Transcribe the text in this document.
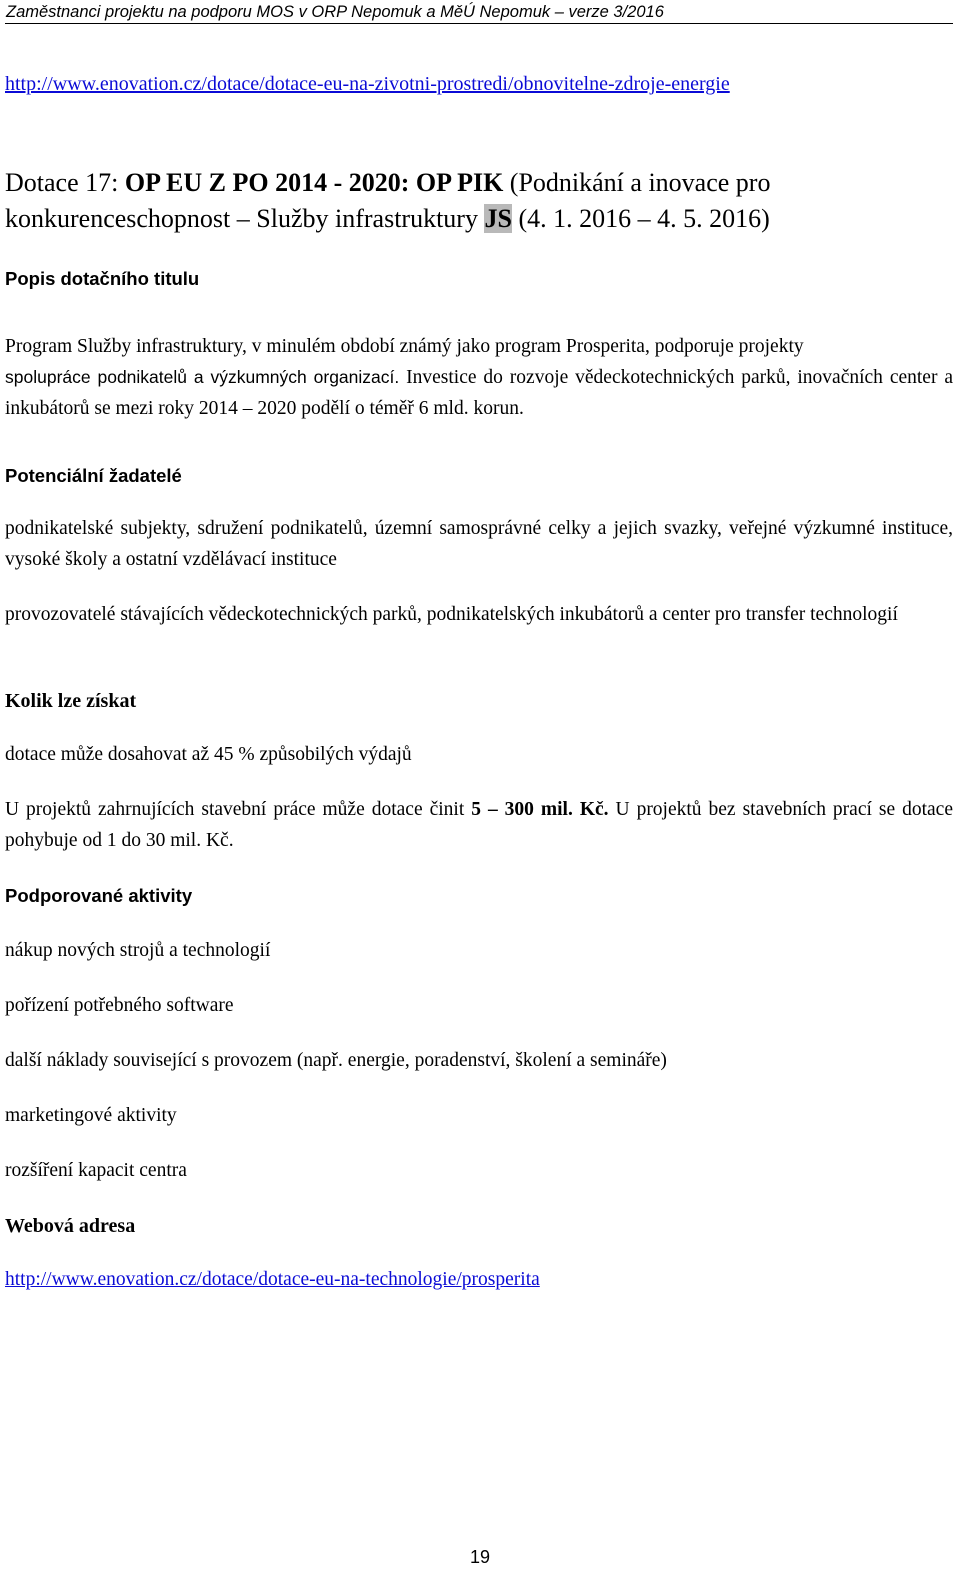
Zaměstnanci projektu na podporu MOS v ORP Nepomuk a MěÚ Nepomuk – verze 3/2016
http://www.enovation.cz/dotace/dotace-eu-na-zivotni-prostredi/obnovitelne-zdroje-energie
Dotace 17: OP EU Z PO 2014 - 2020: OP PIK (Podnikání a inovace pro konkurenceschopnost – Služby infrastruktury JS (4. 1. 2016 – 4. 5. 2016)
Popis dotačního titulu

Program Služby infrastruktury, v minulém období známý jako program Prosperita, podporuje projekty

spolupráce podnikatelů a výzkumných organizací. Investice do rozvoje vědeckotechnických parků, inovačních center a inkubátorů se mezi roky 2014 – 2020 podělí o téměř 6 mld. korun.

Potenciální žadatelé

podnikatelské subjekty, sdružení podnikatelů, územní samosprávné celky a jejich svazky, veřejné výzkumné instituce, vysoké školy a ostatní vzdělávací instituce

provozovatelé stávajících vědeckotechnických parků, podnikatelských inkubátorů a center pro transfer technologií

Kolik lze získat

dotace může dosahovat až 45 % způsobilých výdajů

U projektů zahrnujících stavební práce může dotace činit 5 – 300 mil. Kč. U projektů bez stavebních prací se dotace pohybuje od 1 do 30 mil. Kč.

Podporované aktivity

nákup nových strojů a technologií

pořízení potřebného software

další náklady související s provozem (např. energie, poradenství, školení a semináře)

marketingové aktivity

rozšíření kapacit centra

Webová adresa
http://www.enovation.cz/dotace/dotace-eu-na-technologie/prosperita
19
